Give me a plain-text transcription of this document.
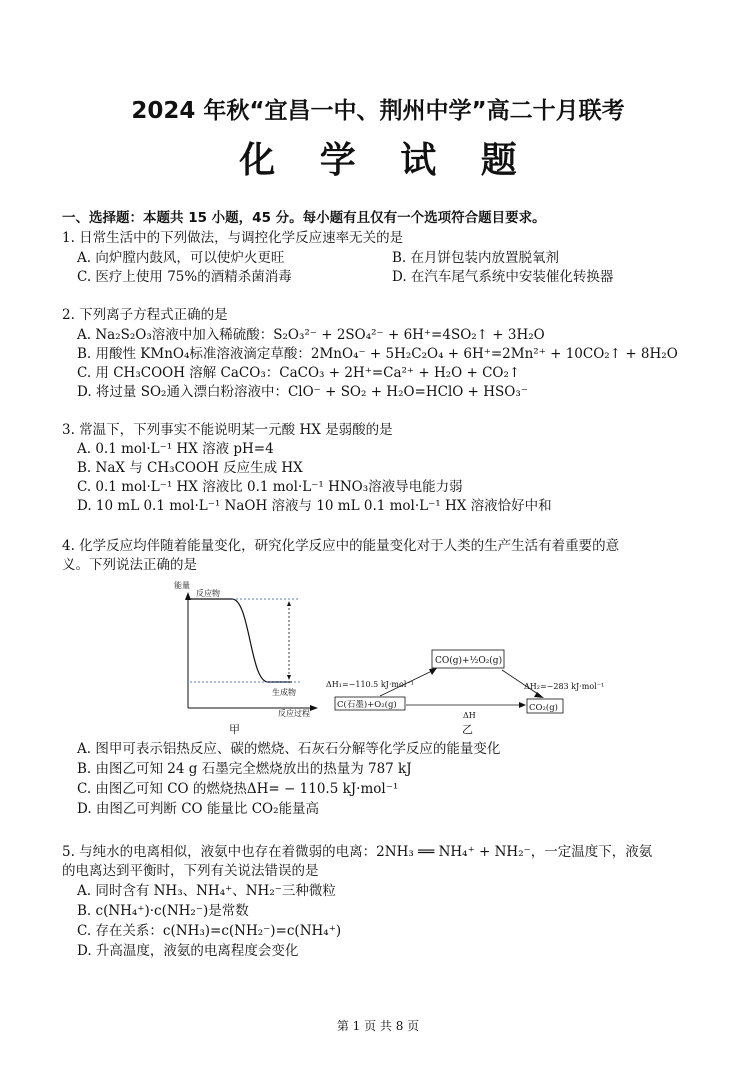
2024 年秋“宜昌一中、荆州中学”高二十月联考
化 学 试 题
一、选择题：本题共 15 小题，45 分。每小题有且仅有一个选项符合题目要求。
1. 日常生活中的下列做法，与调控化学反应速率无关的是
A. 向炉膛内鼓风，可以使炉火更旺	B. 在月饼包装内放置脱氧剂
C. 医疗上使用 75%的酒精杀菌消毒	D. 在汽车尾气系统中安装催化转换器
2. 下列离子方程式正确的是
A. Na₂S₂O₃溶液中加入稀硫酸：S₂O₃²⁻ + 2SO₄²⁻ + 6H⁺=4SO₂↑ + 3H₂O
B. 用酸性 KMnO₄标准溶液滴定草酸：2MnO₄⁻ + 5H₂C₂O₄ + 6H⁺=2Mn²⁺ + 10CO₂↑ + 8H₂O
C. 用 CH₃COOH 溶解 CaCO₃：CaCO₃ + 2H⁺=Ca²⁺ + H₂O + CO₂↑
D. 将过量 SO₂通入漂白粉溶液中：ClO⁻ + SO₂ + H₂O=HClO + HSO₃⁻
3. 常温下，下列事实不能说明某一元酸 HX 是弱酸的是
A. 0.1 mol·L⁻¹ HX 溶液 pH=4
B. NaX 与 CH₃COOH 反应生成 HX
C. 0.1 mol·L⁻¹ HX 溶液比 0.1 mol·L⁻¹ HNO₃溶液导电能力弱
D. 10 mL 0.1 mol·L⁻¹ NaOH 溶液与 10 mL 0.1 mol·L⁻¹ HX 溶液恰好中和
4. 化学反应均伴随着能量变化，研究化学反应中的能量变化对于人类的生产生活有着重要的意
义。下列说法正确的是
能量
反应物
生成物
反应过程
甲
CO(g)+½O₂(g)
C(石墨)+O₂(g)	CO₂(g)
ΔH₁=−110.5 kJ·mol⁻¹	ΔH₂=−283 kJ·mol⁻¹
ΔH
乙
A. 图甲可表示铝热反应、碳的燃烧、石灰石分解等化学反应的能量变化
B. 由图乙可知 24 g 石墨完全燃烧放出的热量为 787 kJ
C. 由图乙可知 CO 的燃烧热ΔH= − 110.5 kJ·mol⁻¹
D. 由图乙可判断 CO 能量比 CO₂能量高
5. 与纯水的电离相似，液氨中也存在着微弱的电离：2NH₃ ══ NH₄⁺ + NH₂⁻，一定温度下，液氨
的电离达到平衡时，下列有关说法错误的是
A. 同时含有 NH₃、NH₄⁺、NH₂⁻三种微粒
B. c(NH₄⁺)·c(NH₂⁻)是常数
C. 存在关系：c(NH₃)=c(NH₂⁻)=c(NH₄⁺)
D. 升高温度，液氨的电离程度会变化
第 1 页 共 8 页
